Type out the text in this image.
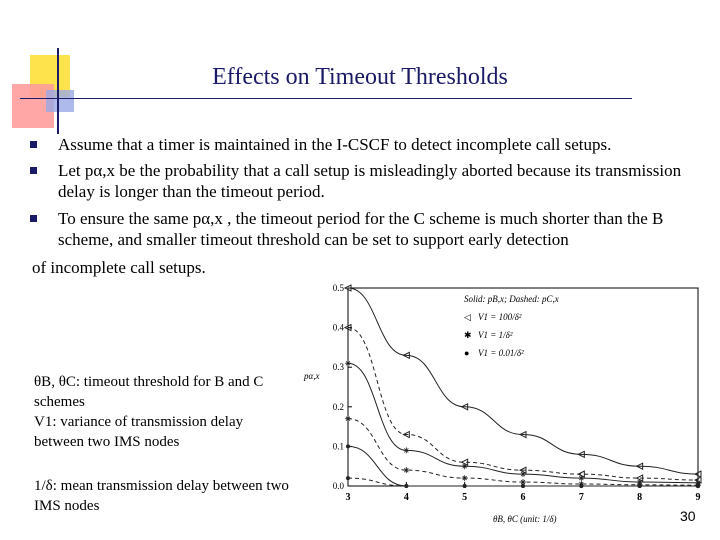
Effects on Timeout Thresholds
Assume that a timer is maintained in the I-CSCF to detect incomplete call setups.
Let pα,x be the probability that a call setup is misleadingly aborted because its transmission delay is longer than the timeout period.
To ensure the same pα,x , the timeout period for the C scheme is much shorter than the B scheme, and smaller timeout threshold can be set to support early detection
of incomplete call setups.
θB, θC: timeout threshold for B and C schemes
V1: variance of transmission delay between two IMS nodes
1/δ: mean transmission delay between two IMS nodes
3	4	5	6	7	8	9
0.0
0.1
0.2
0.3
0.4
0.5
pα,x
θB, θC (unit: 1/δ)
Solid: pB,x; Dashed: pC,x
◁ V1 = 100/δ²
✱ V1 = 1/δ²
● V1 = 0.01/δ²
30
